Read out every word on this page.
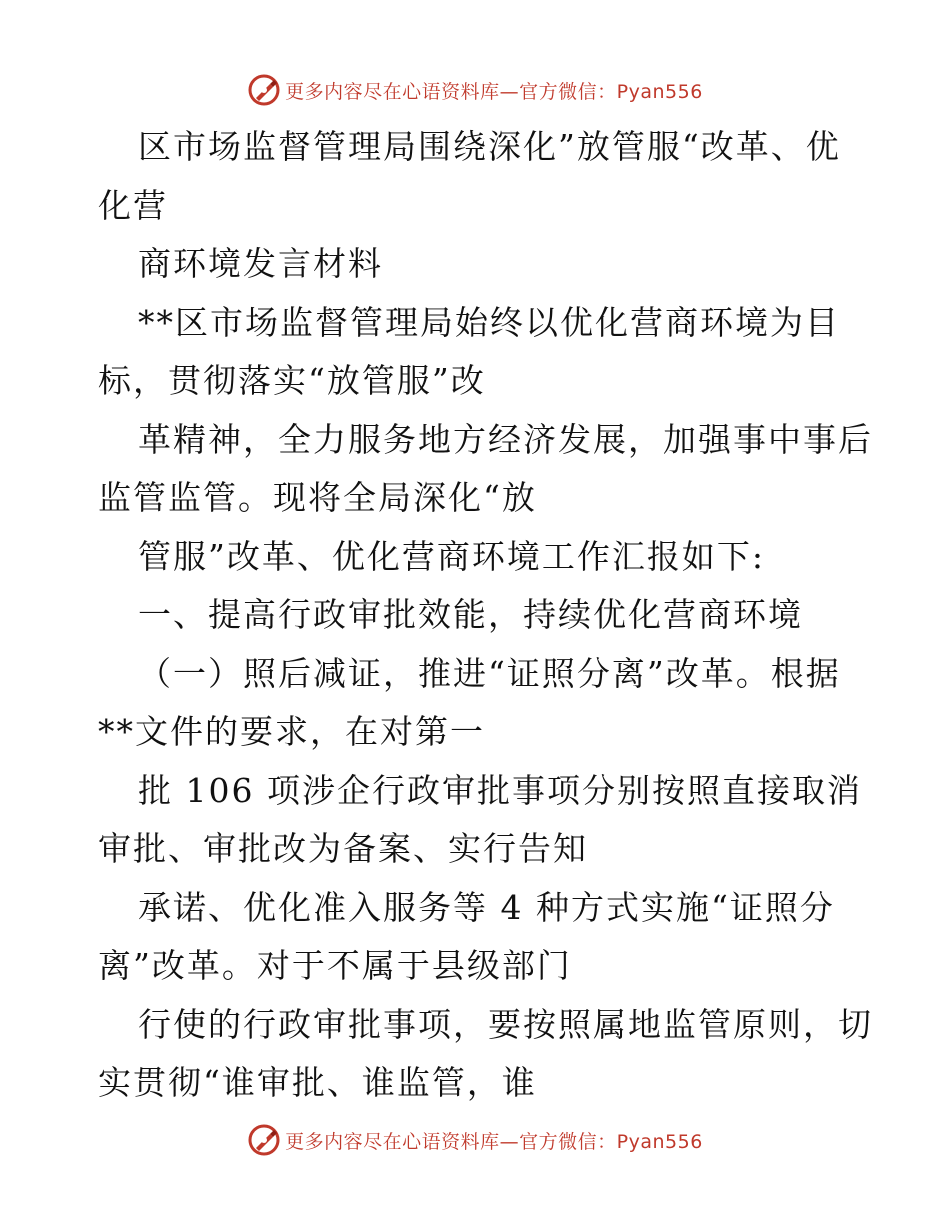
更多内容尽在心语资料库—官方微信：Pyan556
区市场监督管理局围绕深化”放管服“改革、优
化营
商环境发言材料
**区市场监督管理局始终以优化营商环境为目
标，贯彻落实“放管服”改
革精神，全力服务地方经济发展，加强事中事后
监管监管。现将全局深化“放
管服”改革、优化营商环境工作汇报如下:
一、提高行政审批效能，持续优化营商环境
（一）照后减证，推进“证照分离”改革。根据
**文件的要求，在对第一
批 106 项涉企行政审批事项分别按照直接取消
审批、审批改为备案、实行告知
承诺、优化准入服务等 4 种方式实施“证照分
离”改革。对于不属于县级部门
行使的行政审批事项，要按照属地监管原则，切
实贯彻“谁审批、谁监管，谁
更多内容尽在心语资料库—官方微信：Pyan556
